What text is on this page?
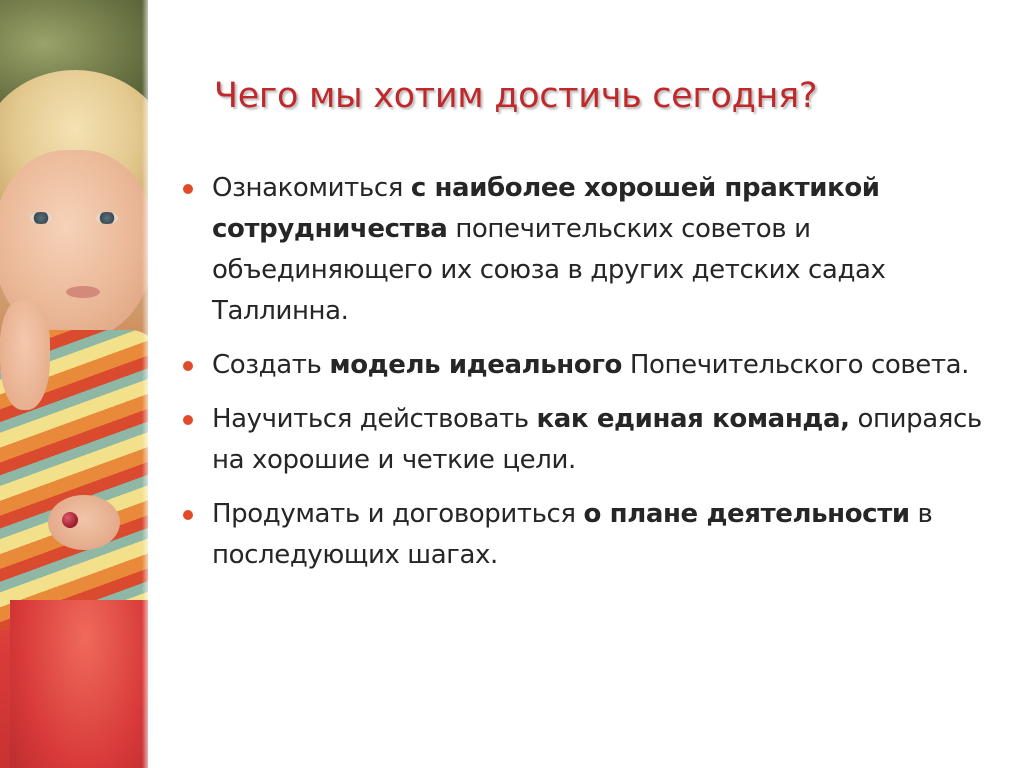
Чего мы хотим достичь сегодня?
Ознакомиться с наиболее хорошей практикой сотрудничества попечительских советов и объединяющего их союза в других детских садах Таллинна.
Создать модель идеального Попечительского совета.
Научиться действовать как единая команда, опираясь на хорошие и четкие цели.
Продумать и договориться о плане деятельности в последующих шагах.
